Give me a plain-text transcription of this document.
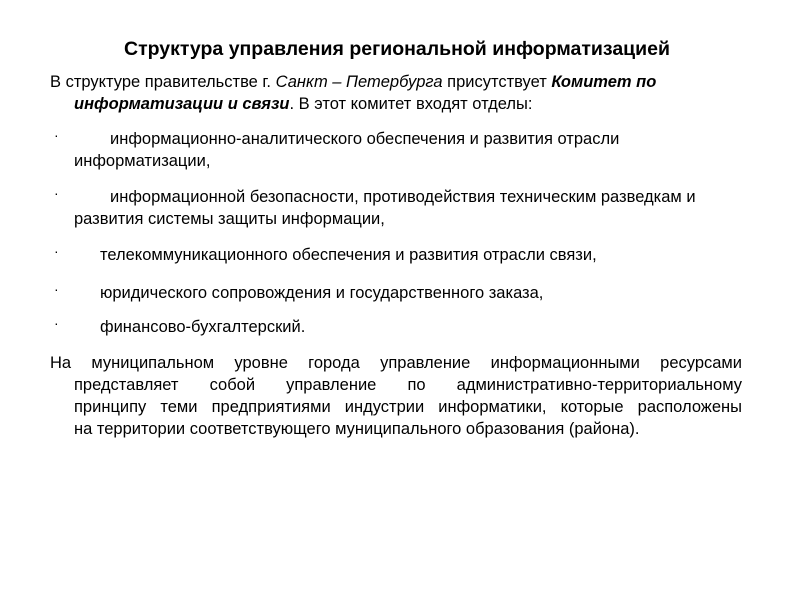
Структура управления региональной информатизацией
В структуре правительстве г. Санкт – Петербурга присутствует Комитет по
информатизации и связи. В этот комитет входят отделы:
·	информационно-аналитического обеспечения и развития отрасли
информатизации,
·	информационной безопасности, противодействия техническим разведкам и
развития системы защиты информации,
·	телекоммуникационного обеспечения и развития отрасли связи,
·	юридического сопровождения и государственного заказа,
·	финансово-бухгалтерский.
На муниципальном уровне города управление информационными ресурсами
представляет собой управление по административно-территориальному
принципу теми предприятиями индустрии информатики, которые расположены
на территории соответствующего муниципального образования (района).
